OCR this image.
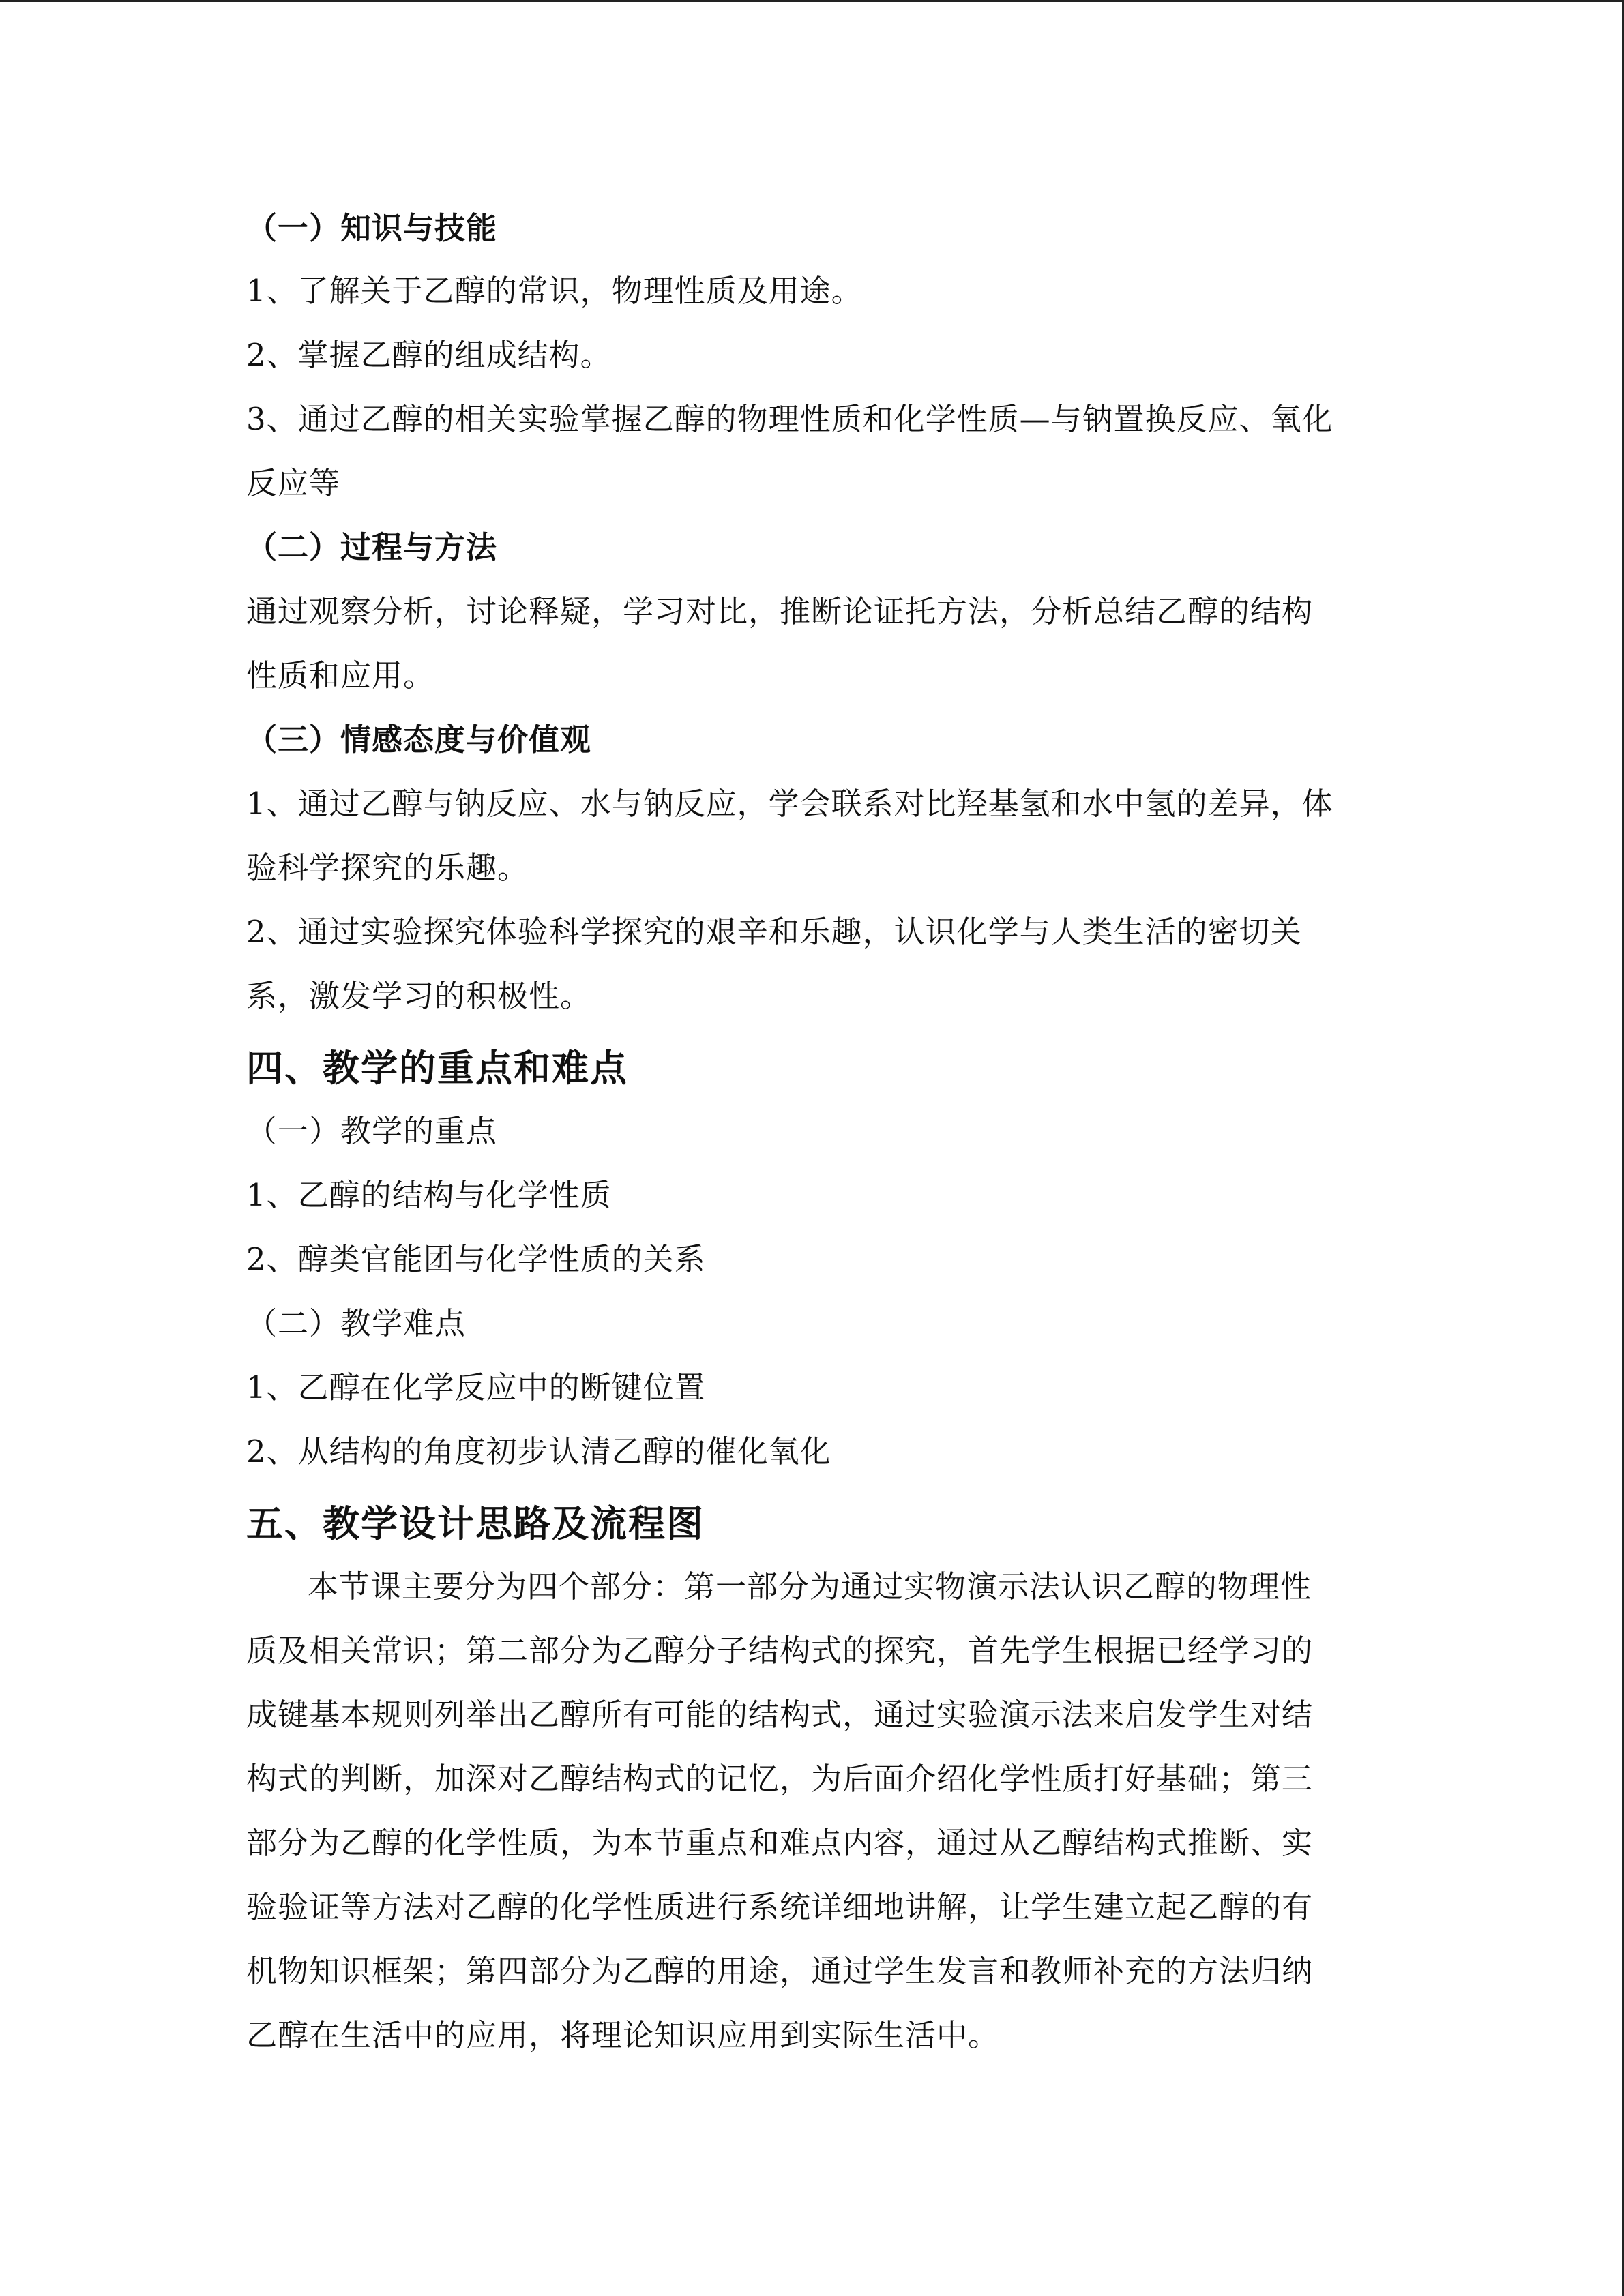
（一）知识与技能
1、了解关于乙醇的常识，物理性质及用途。
2、掌握乙醇的组成结构。
3、通过乙醇的相关实验掌握乙醇的物理性质和化学性质—与钠置换反应、氧化
反应等
（二）过程与方法
通过观察分析，讨论释疑，学习对比，推断论证托方法，分析总结乙醇的结构
性质和应用。
（三）情感态度与价值观
1、通过乙醇与钠反应、水与钠反应，学会联系对比羟基氢和水中氢的差异，体
验科学探究的乐趣。
2、通过实验探究体验科学探究的艰辛和乐趣，认识化学与人类生活的密切关
系，激发学习的积极性。
四、教学的重点和难点
（一）教学的重点
1、乙醇的结构与化学性质
2、醇类官能团与化学性质的关系
（二）教学难点
1、乙醇在化学反应中的断键位置
2、从结构的角度初步认清乙醇的催化氧化
五、教学设计思路及流程图
本节课主要分为四个部分：第一部分为通过实物演示法认识乙醇的物理性
质及相关常识；第二部分为乙醇分子结构式的探究，首先学生根据已经学习的
成键基本规则列举出乙醇所有可能的结构式，通过实验演示法来启发学生对结
构式的判断，加深对乙醇结构式的记忆，为后面介绍化学性质打好基础；第三
部分为乙醇的化学性质，为本节重点和难点内容，通过从乙醇结构式推断、实
验验证等方法对乙醇的化学性质进行系统详细地讲解，让学生建立起乙醇的有
机物知识框架；第四部分为乙醇的用途，通过学生发言和教师补充的方法归纳
乙醇在生活中的应用，将理论知识应用到实际生活中。
